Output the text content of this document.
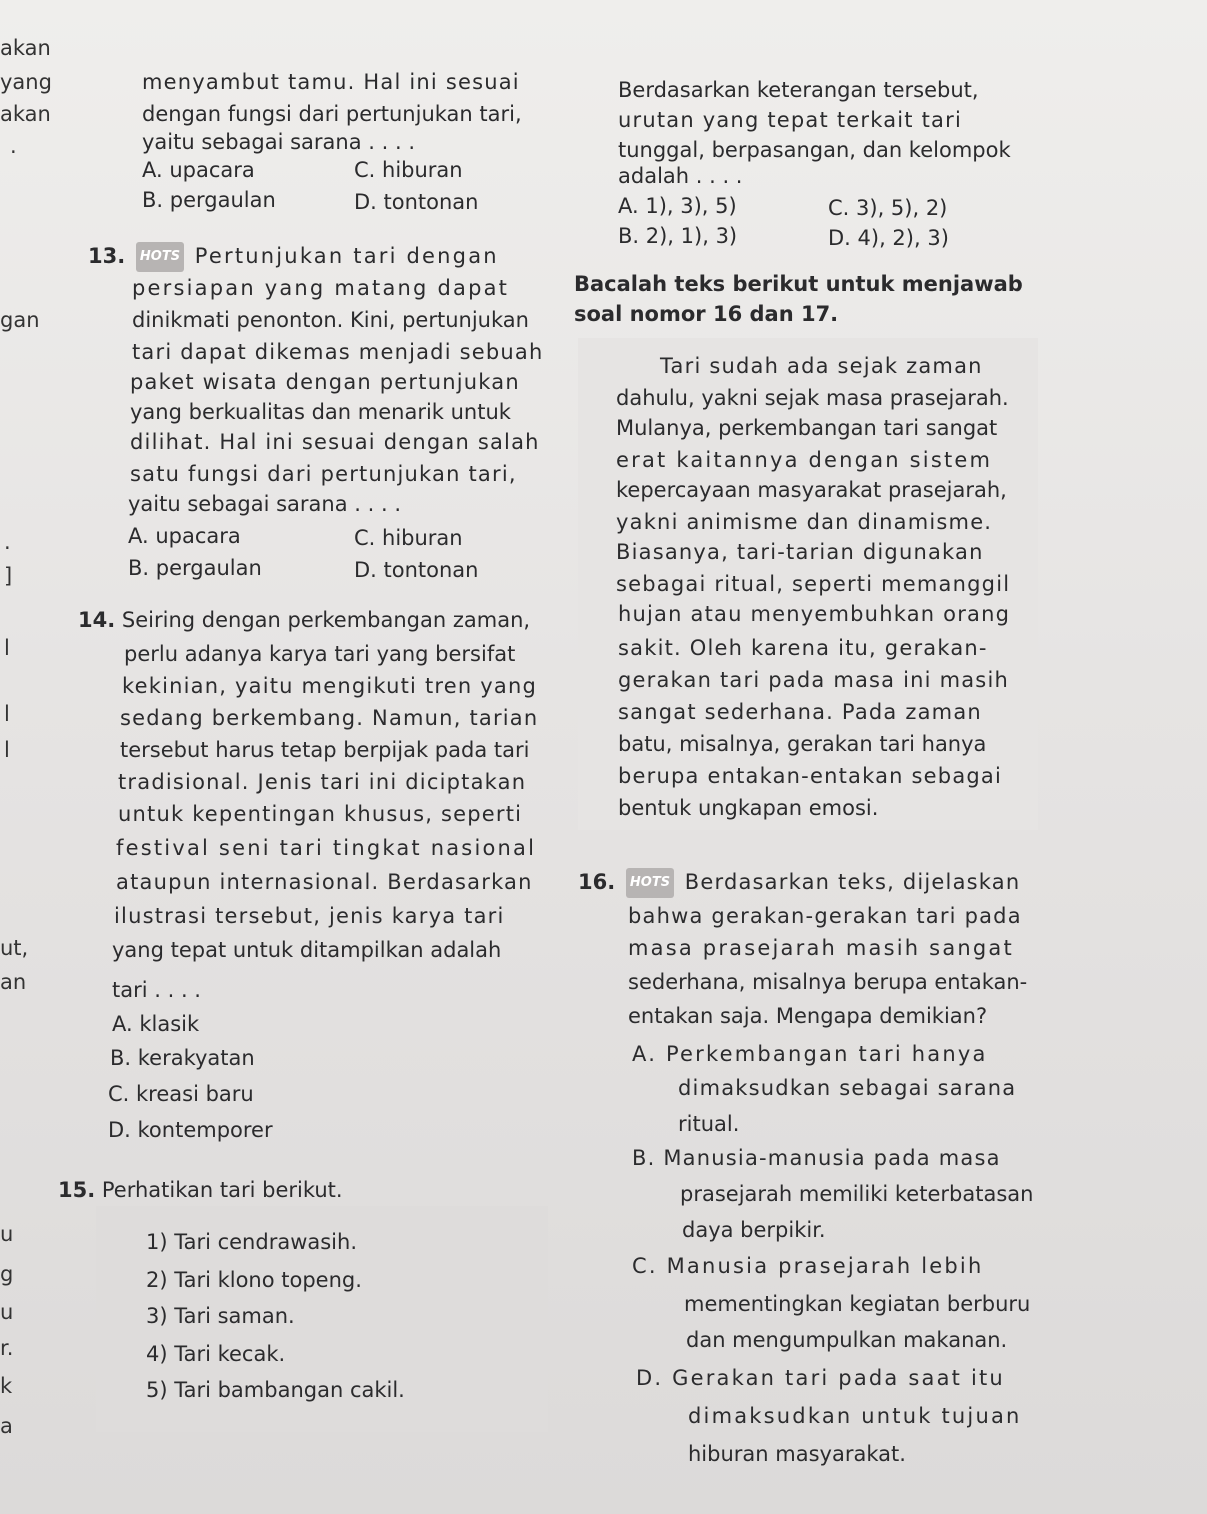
akan
yang
akan
.
gan
.
]
l
l
l
ut,
an
u
g
u
r.
k
a
menyambut tamu. Hal ini sesuai
dengan fungsi dari pertunjukan tari,
yaitu sebagai sarana . . . .
A. upacara	C. hiburan
B. pergaulan	D. tontonan
13. HOTS Pertunjukan tari dengan
persiapan yang matang dapat
dinikmati penonton. Kini, pertunjukan
tari dapat dikemas menjadi sebuah
paket wisata dengan pertunjukan
yang berkualitas dan menarik untuk
dilihat. Hal ini sesuai dengan salah
satu fungsi dari pertunjukan tari,
yaitu sebagai sarana . . . .
A. upacara	C. hiburan
B. pergaulan	D. tontonan
14. Seiring dengan perkembangan zaman,
perlu adanya karya tari yang bersifat
kekinian, yaitu mengikuti tren yang
sedang berkembang. Namun, tarian
tersebut harus tetap berpijak pada tari
tradisional. Jenis tari ini diciptakan
untuk kepentingan khusus, seperti
festival seni tari tingkat nasional
ataupun internasional. Berdasarkan
ilustrasi tersebut, jenis karya tari
yang tepat untuk ditampilkan adalah
tari . . . .
A. klasik
B. kerakyatan
C. kreasi baru
D. kontemporer
15. Perhatikan tari berikut.
1) Tari cendrawasih.
2) Tari klono topeng.
3) Tari saman.
4) Tari kecak.
5) Tari bambangan cakil.
Berdasarkan keterangan tersebut,
urutan yang tepat terkait tari
tunggal, berpasangan, dan kelompok
adalah . . . .
A. 1), 3), 5)	C. 3), 5), 2)
B. 2), 1), 3)	D. 4), 2), 3)
Bacalah teks berikut untuk menjawab
soal nomor 16 dan 17.
Tari sudah ada sejak zaman
dahulu, yakni sejak masa prasejarah.
Mulanya, perkembangan tari sangat
erat kaitannya dengan sistem
kepercayaan masyarakat prasejarah,
yakni animisme dan dinamisme.
Biasanya, tari-tarian digunakan
sebagai ritual, seperti memanggil
hujan atau menyembuhkan orang
sakit. Oleh karena itu, gerakan-
gerakan tari pada masa ini masih
sangat sederhana. Pada zaman
batu, misalnya, gerakan tari hanya
berupa entakan-entakan sebagai
bentuk ungkapan emosi.
16. HOTS Berdasarkan teks, dijelaskan
bahwa gerakan-gerakan tari pada
masa prasejarah masih sangat
sederhana, misalnya berupa entakan-
entakan saja. Mengapa demikian?
A. Perkembangan tari hanya
dimaksudkan sebagai sarana
ritual.
B. Manusia-manusia pada masa
prasejarah memiliki keterbatasan
daya berpikir.
C. Manusia prasejarah lebih
mementingkan kegiatan berburu
dan mengumpulkan makanan.
D. Gerakan tari pada saat itu
dimaksudkan untuk tujuan
hiburan masyarakat.
